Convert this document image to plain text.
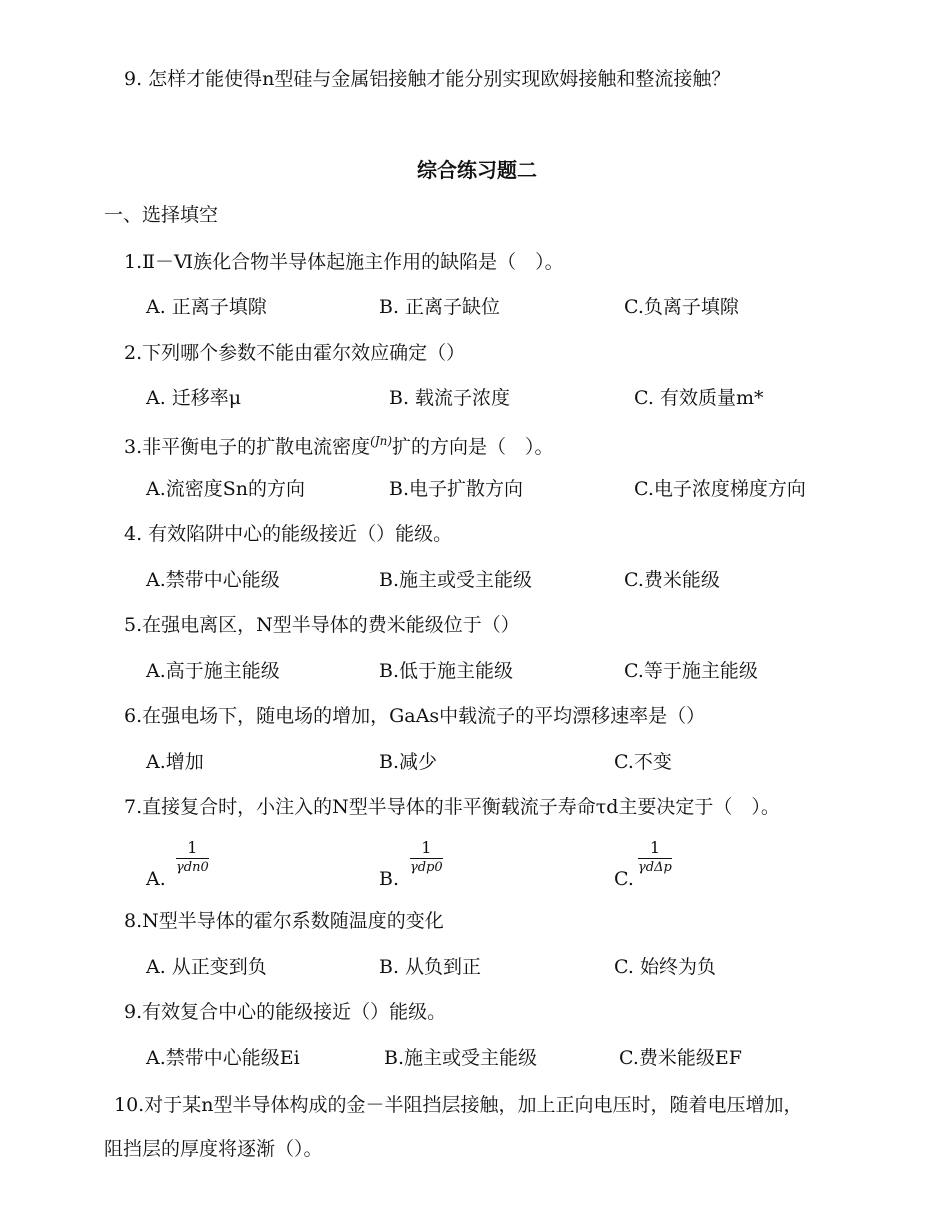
9. 怎样才能使得n型硅与金属铝接触才能分别实现欧姆接触和整流接触？
综合练习题二
一、选择填空
1.Ⅱ－Ⅵ族化合物半导体起施主作用的缺陷是（　）。
A. 正离子填隙	B. 正离子缺位	C.负离子填隙
2.下列哪个参数不能由霍尔效应确定（）
A. 迁移率μ	B. 载流子浓度	C. 有效质量m*
3.非平衡电子的扩散电流密度(Jn)扩的方向是（　）。
A.流密度Sn的方向	B.电子扩散方向	C.电子浓度梯度方向
4. 有效陷阱中心的能级接近（）能级。
A.禁带中心能级	B.施主或受主能级	C.费米能级
5.在强电离区，N型半导体的费米能级位于（）
A.高于施主能级	B.低于施主能级	C.等于施主能级
6.在强电场下，随电场的增加，GaAs中载流子的平均漂移速率是（）
A.增加	B.减少	C.不变
7.直接复合时，小注入的N型半导体的非平衡载流子寿命τd主要决定于（　）。
A.
1
γdn0
B.
1
γdp0
C.
1
γdΔp
8.N型半导体的霍尔系数随温度的变化
A. 从正变到负	B. 从负到正	C. 始终为负
9.有效复合中心的能级接近（）能级。
A.禁带中心能级Ei	B.施主或受主能级	C.费米能级EF
10.对于某n型半导体构成的金－半阻挡层接触，加上正向电压时，随着电压增加，
阻挡层的厚度将逐渐（）。
